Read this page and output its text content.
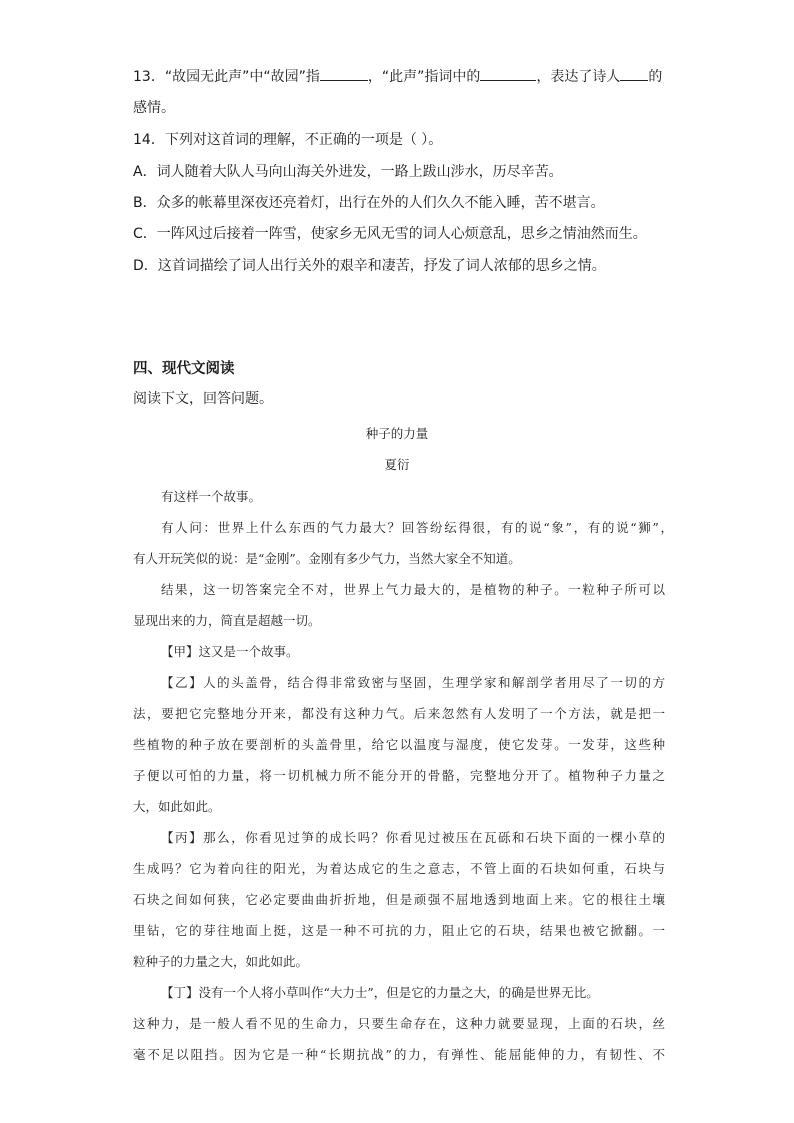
13．“故园无此声”中“故园”指	，“此声”指词中的	，表达了诗人 的
感情。
14．下列对这首词的理解，不正确的一项是（ ）。
A．词人随着大队人马向山海关外进发，一路上跋山涉水，历尽辛苦。
B．众多的帐幕里深夜还亮着灯，出行在外的人们久久不能入睡，苦不堪言。
C．一阵风过后接着一阵雪，使家乡无风无雪的词人心烦意乱，思乡之情油然而生。
D．这首词描绘了词人出行关外的艰辛和凄苦，抒发了词人浓郁的思乡之情。
四、现代文阅读
阅读下文，回答问题。
种子的力量
夏衍
有这样一个故事。
有人问：世界上什么东西的气力最大？回答纷纭得很，有的说“象”，有的说“狮”，
有人开玩笑似的说：是“金刚”。金刚有多少气力，当然大家全不知道。
结果，这一切答案完全不对，世界上气力最大的，是植物的种子。一粒种子所可以
显现出来的力，简直是超越一切。
【甲】这又是一个故事。
【乙】人的头盖骨，结合得非常致密与坚固，生理学家和解剖学者用尽了一切的方
法，要把它完整地分开来，都没有这种力气。后来忽然有人发明了一个方法，就是把一
些植物的种子放在要剖析的头盖骨里，给它以温度与湿度，使它发芽。一发芽，这些种
子便以可怕的力量，将一切机械力所不能分开的骨骼，完整地分开了。植物种子力量之
大，如此如此。
【丙】那么，你看见过笋的成长吗？你看见过被压在瓦砾和石块下面的一棵小草的
生成吗？它为着向往的阳光，为着达成它的生之意志，不管上面的石块如何重，石块与
石块之间如何狭，它必定要曲曲折折地，但是顽强不屈地透到地面上来。它的根往土壤
里钻，它的芽往地面上挺，这是一种不可抗的力，阻止它的石块，结果也被它掀翻。一
粒种子的力量之大，如此如此。
【丁】没有一个人将小草叫作“大力士”，但是它的力量之大，的确是世界无比。
这种力，是一般人看不见的生命力，只要生命存在，这种力就要显现，上面的石块，丝
毫不足以阻挡。因为它是一种“长期抗战”的力，有弹性、能屈能伸的力，有韧性、不
